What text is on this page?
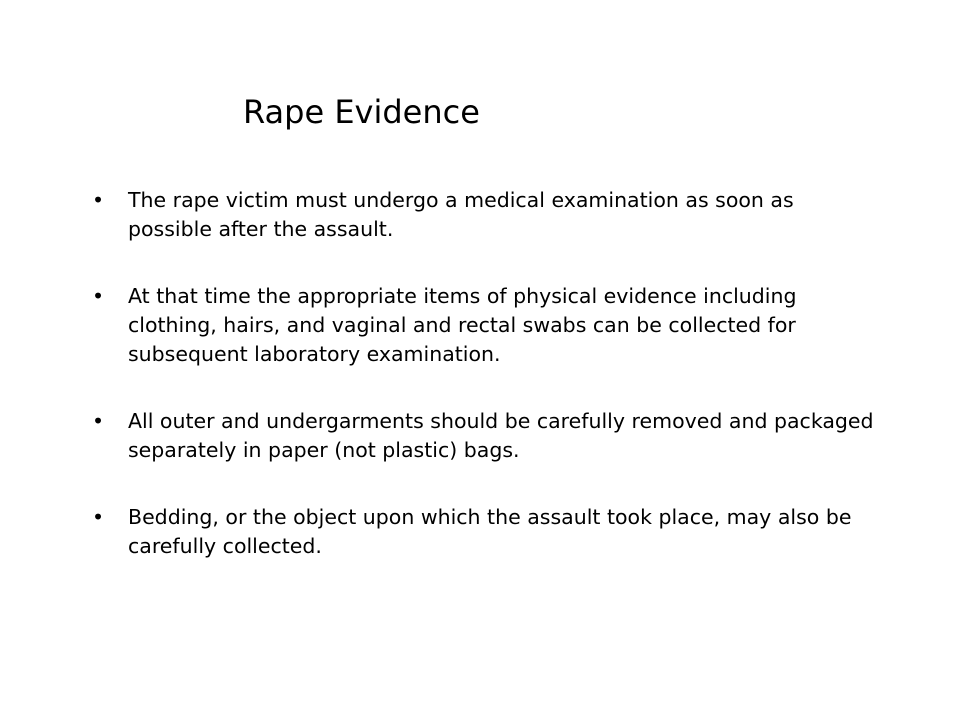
Rape Evidence
• The rape victim must undergo a medical examination as soon as possible after the assault.
• At that time the appropriate items of physical evidence including clothing, hairs, and vaginal and rectal swabs can be collected for subsequent laboratory examination.
• All outer and undergarments should be carefully removed and packaged separately in paper (not plastic) bags.
• Bedding, or the object upon which the assault took place, may also be carefully collected.
